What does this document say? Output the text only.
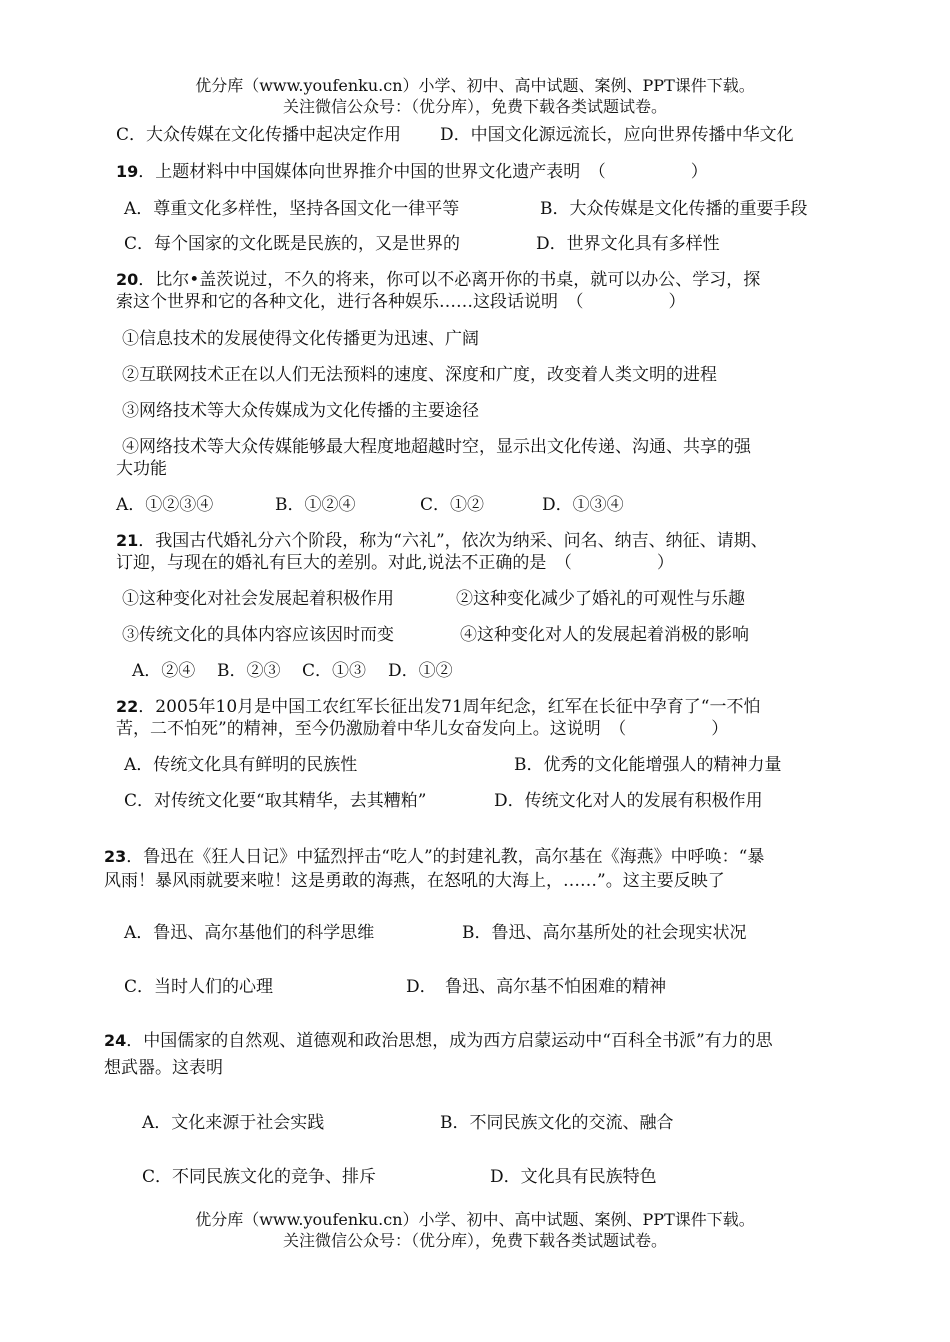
优分库（www.youfenku.cn）小学、初中、高中试题、案例、PPT课件下载。
关注微信公众号：（优分库），免费下载各类试题试卷。
C．大众传媒在文化传播中起决定作用 D．中国文化源远流长，应向世界传播中华文化
19．上题材料中中国媒体向世界推介中国的世界文化遗产表明　（　　　　　）
A．尊重文化多样性，坚持各国文化一律平等	B．大众传媒是文化传播的重要手段
C．每个国家的文化既是民族的，又是世界的	D．世界文化具有多样性
20．比尔•盖茨说过，不久的将来，你可以不必离开你的书桌，就可以办公、学习，探
索这个世界和它的各种文化，进行各种娱乐……这段话说明　（　　　　　）
①信息技术的发展使得文化传播更为迅速、广阔
②互联网技术正在以人们无法预料的速度、深度和广度，改变着人类文明的进程
③网络技术等大众传媒成为文化传播的主要途径
④网络技术等大众传媒能够最大程度地超越时空，显示出文化传递、沟通、共享的强
大功能
A．①②③④	B．①②④	C．①②	D．①③④
21．我国古代婚礼分六个阶段，称为“六礼”，依次为纳采、问名、纳吉、纳征、请期、
订迎，与现在的婚礼有巨大的差别。对此,说法不正确的是　（　　　　　）
①这种变化对社会发展起着积极作用	②这种变化减少了婚礼的可观性与乐趣
③传统文化的具体内容应该因时而变	④这种变化对人的发展起着消极的影响
A．②④ B．②③ C．①③ D．①②
22．2005年10月是中国工农红军长征出发71周年纪念，红军在长征中孕育了“一不怕
苦，二不怕死”的精神，至今仍激励着中华儿女奋发向上。这说明　（　　　　　）
A．传统文化具有鲜明的民族性	B．优秀的文化能增强人的精神力量
C．对传统文化要“取其精华，去其糟粕”	D．传统文化对人的发展有积极作用
23．鲁迅在《狂人日记》中猛烈抨击“吃人”的封建礼教，高尔基在《海燕》中呼唤：“暴
风雨！暴风雨就要来啦！这是勇敢的海燕，在怒吼的大海上，……”。这主要反映了
A．鲁迅、高尔基他们的科学思维	B．鲁迅、高尔基所处的社会现实状况
C．当时人们的心理	D．　鲁迅、高尔基不怕困难的精神
24．中国儒家的自然观、道德观和政治思想，成为西方启蒙运动中“百科全书派”有力的思
想武器。这表明
A．文化来源于社会实践	B．不同民族文化的交流、融合
C．不同民族文化的竞争、排斥	D．文化具有民族特色
优分库（www.youfenku.cn）小学、初中、高中试题、案例、PPT课件下载。
关注微信公众号：（优分库），免费下载各类试题试卷。
